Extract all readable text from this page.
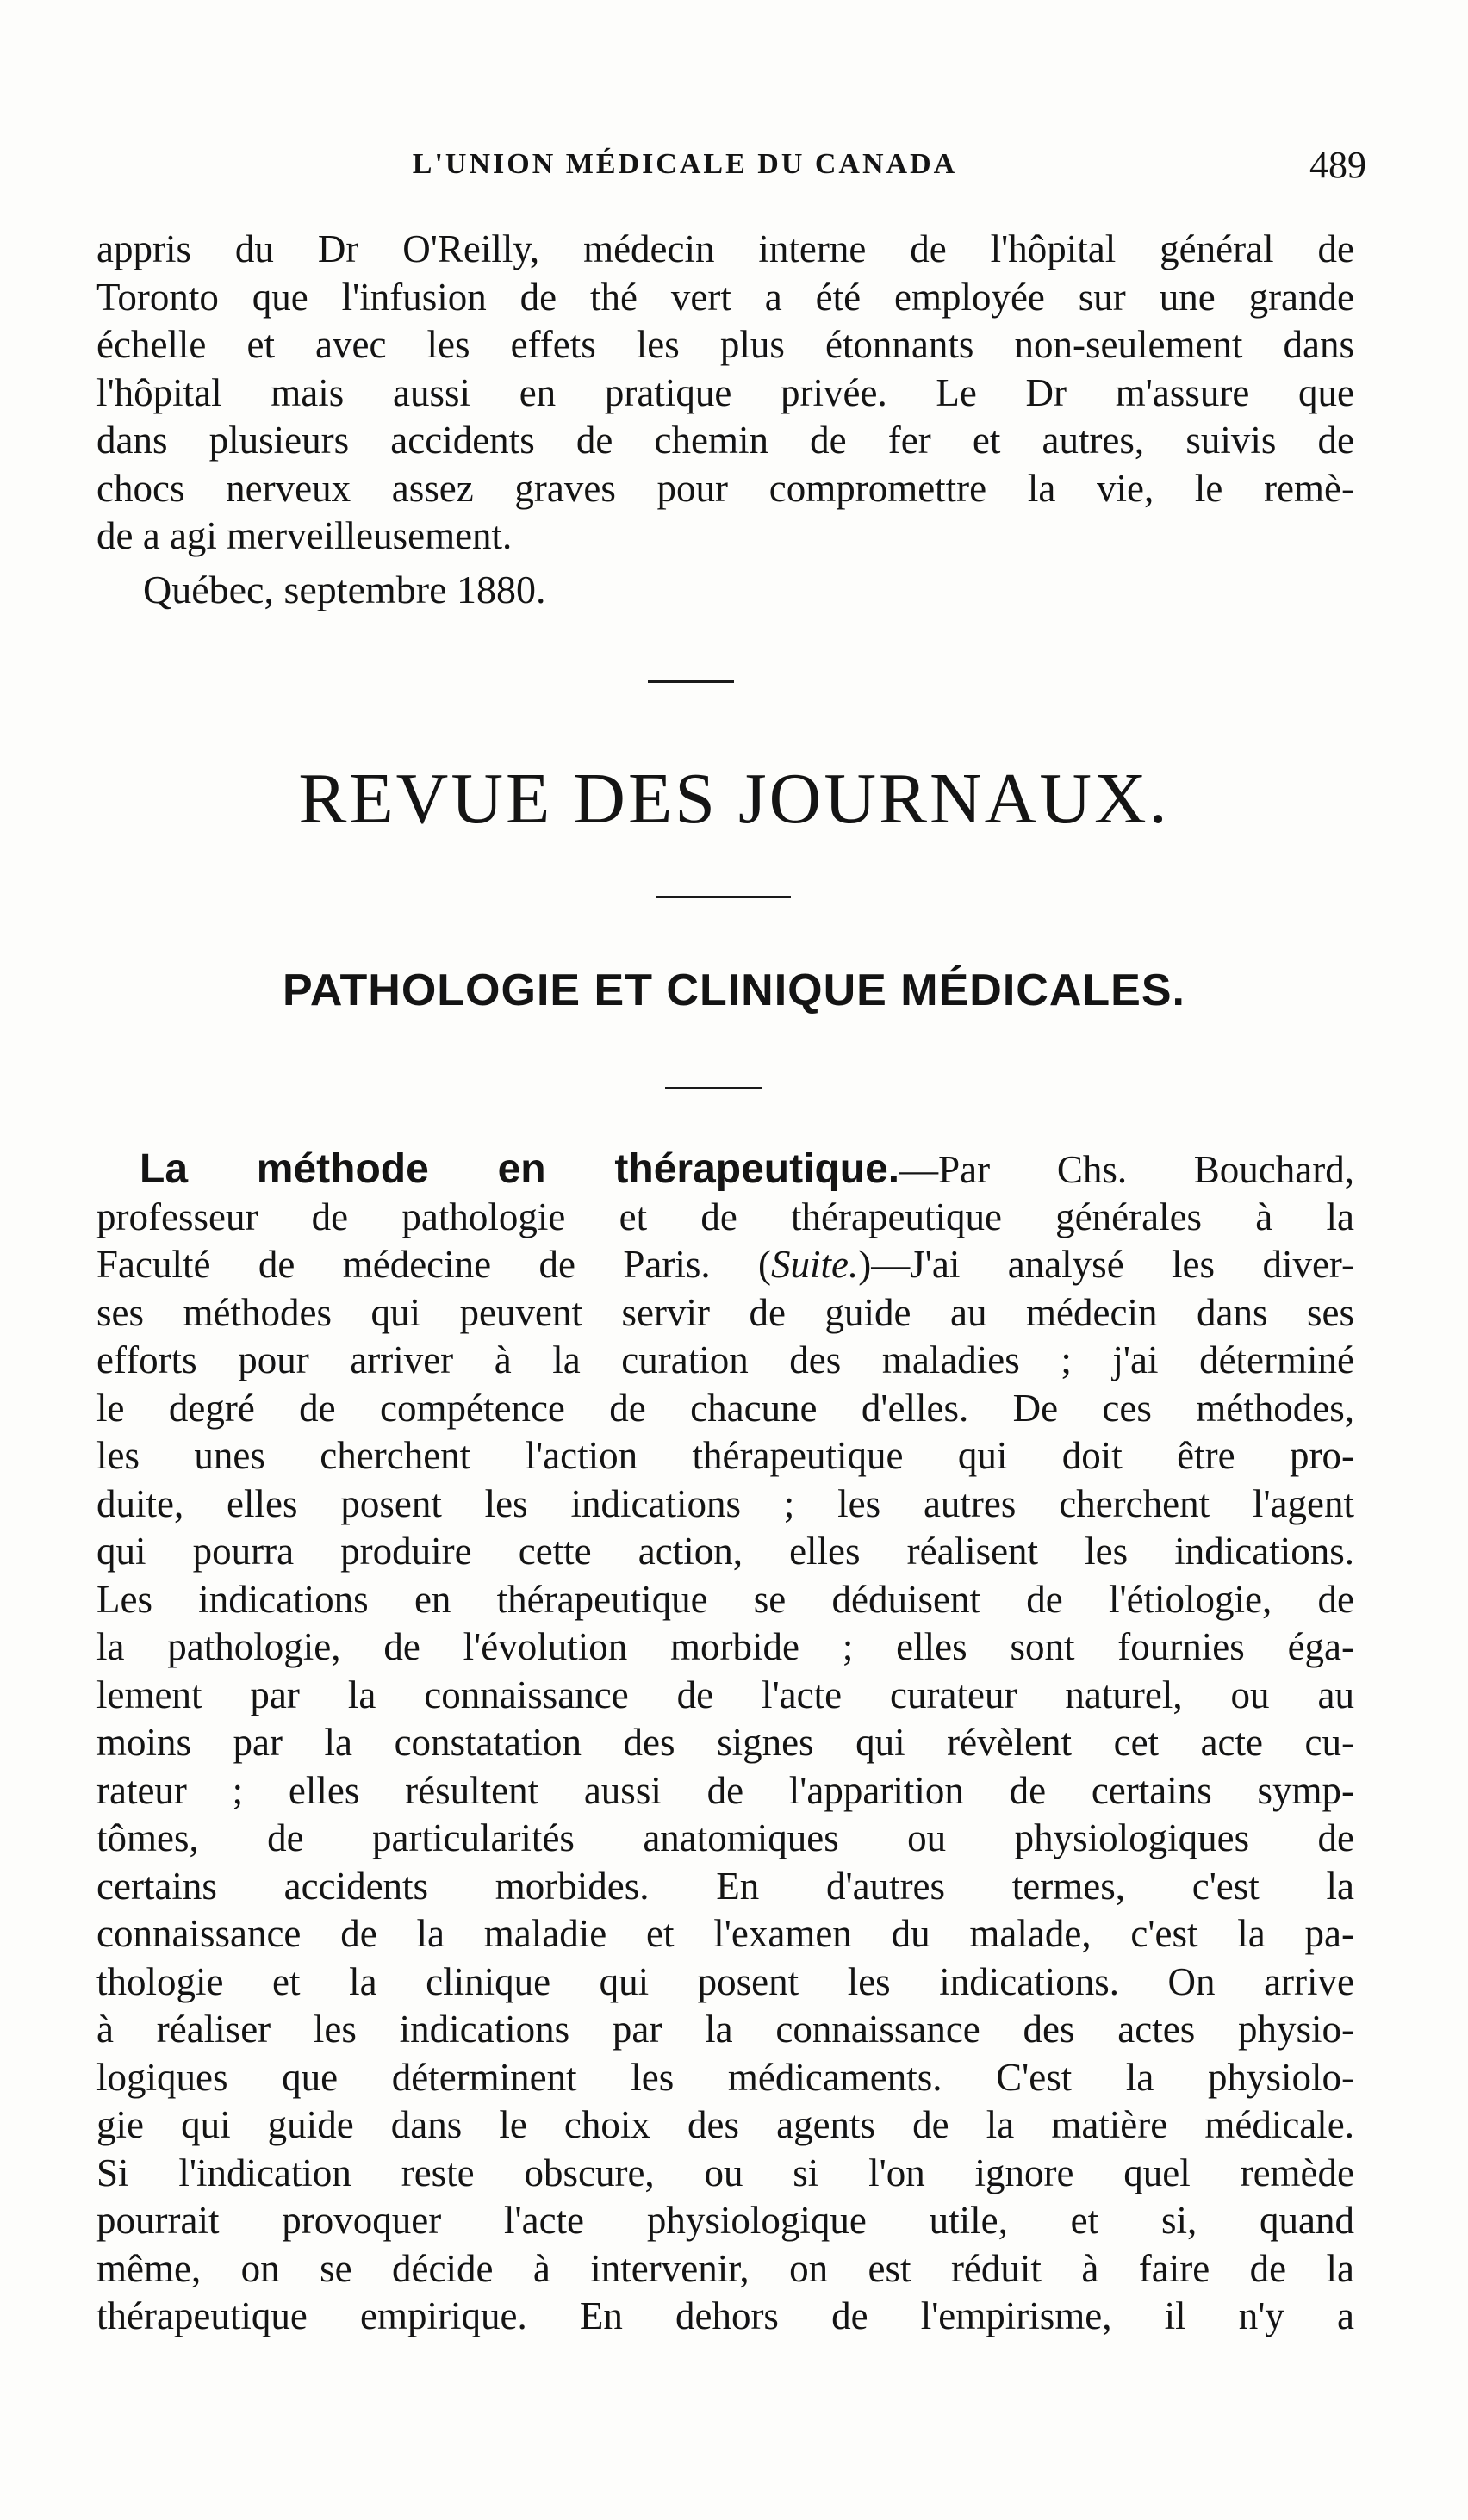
L'UNION MÉDICALE DU CANADA	489
appris du Dr O'Reilly, médecin interne de l'hôpital général de
Toronto que l'infusion de thé vert a été employée sur une grande
échelle et avec les effets les plus étonnants non-seulement dans
l'hôpital mais aussi en pratique privée. Le Dr m'assure que
dans plusieurs accidents de chemin de fer et autres, suivis de
chocs nerveux assez graves pour compromettre la vie, le remè-
de a agi merveilleusement.
Québec, septembre 1880.
REVUE DES JOURNAUX.
PATHOLOGIE ET CLINIQUE MÉDICALES.
La méthode en thérapeutique.—Par Chs. Bouchard,
professeur de pathologie et de thérapeutique générales à la
Faculté de médecine de Paris. (Suite.)—J'ai analysé les diver-
ses méthodes qui peuvent servir de guide au médecin dans ses
efforts pour arriver à la curation des maladies ; j'ai déterminé
le degré de compétence de chacune d'elles. De ces méthodes,
les unes cherchent l'action thérapeutique qui doit être pro-
duite, elles posent les indications ; les autres cherchent l'agent
qui pourra produire cette action, elles réalisent les indications.
Les indications en thérapeutique se déduisent de l'étiologie, de
la pathologie, de l'évolution morbide ; elles sont fournies éga-
lement par la connaissance de l'acte curateur naturel, ou au
moins par la constatation des signes qui révèlent cet acte cu-
rateur ; elles résultent aussi de l'apparition de certains symp-
tômes, de particularités anatomiques ou physiologiques de
certains accidents morbides. En d'autres termes, c'est la
connaissance de la maladie et l'examen du malade, c'est la pa-
thologie et la clinique qui posent les indications. On arrive
à réaliser les indications par la connaissance des actes physio-
logiques que déterminent les médicaments. C'est la physiolo-
gie qui guide dans le choix des agents de la matière médicale.
Si l'indication reste obscure, ou si l'on ignore quel remède
pourrait provoquer l'acte physiologique utile, et si, quand
même, on se décide à intervenir, on est réduit à faire de la
thérapeutique empirique. En dehors de l'empirisme, il n'y a
